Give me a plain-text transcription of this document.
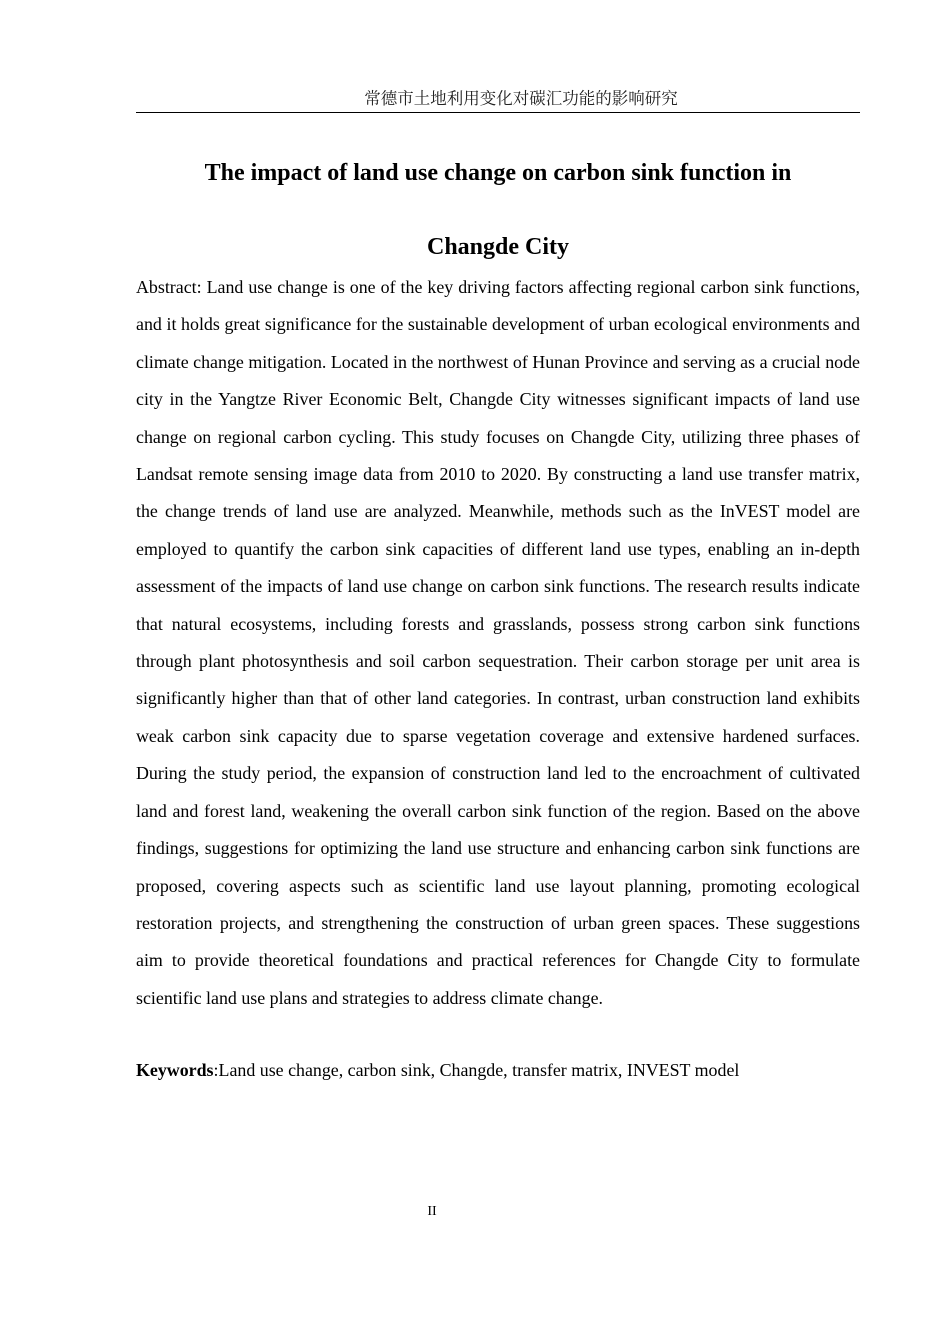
常德市土地利用变化对碳汇功能的影响研究
The impact of land use change on carbon sink function in
Changde City

Abstract: Land use change is one of the key driving factors affecting regional carbon sink functions, and it holds great significance for the sustainable development of urban ecological environments and climate change mitigation. Located in the northwest of Hunan Province and serving as a crucial node city in the Yangtze River Economic Belt, Changde City witnesses significant impacts of land use change on regional carbon cycling. This study focuses on Changde City, utilizing three phases of Landsat remote sensing image data from 2010 to 2020. By constructing a land use transfer matrix, the change trends of land use are analyzed. Meanwhile, methods such as the InVEST model are employed to quantify the carbon sink capacities of different land use types, enabling an in-depth assessment of the impacts of land use change on carbon sink functions. The research results indicate that natural ecosystems, including forests and grasslands, possess strong carbon sink functions through plant photosynthesis and soil carbon sequestration. Their carbon storage per unit area is significantly higher than that of other land categories. In contrast, urban construction land exhibits weak carbon sink capacity due to sparse vegetation coverage and extensive hardened surfaces. During the study period, the expansion of construction land led to the encroachment of cultivated land and forest land, weakening the overall carbon sink function of the region. Based on the above findings, suggestions for optimizing the land use structure and enhancing carbon sink functions are proposed, covering aspects such as scientific land use layout planning, promoting ecological restoration projects, and strengthening the construction of urban green spaces. These suggestions aim to provide theoretical foundations and practical references for Changde City to formulate scientific land use plans and strategies to address climate change.

Keywords:Land use change, carbon sink, Changde, transfer matrix, INVEST model

II
